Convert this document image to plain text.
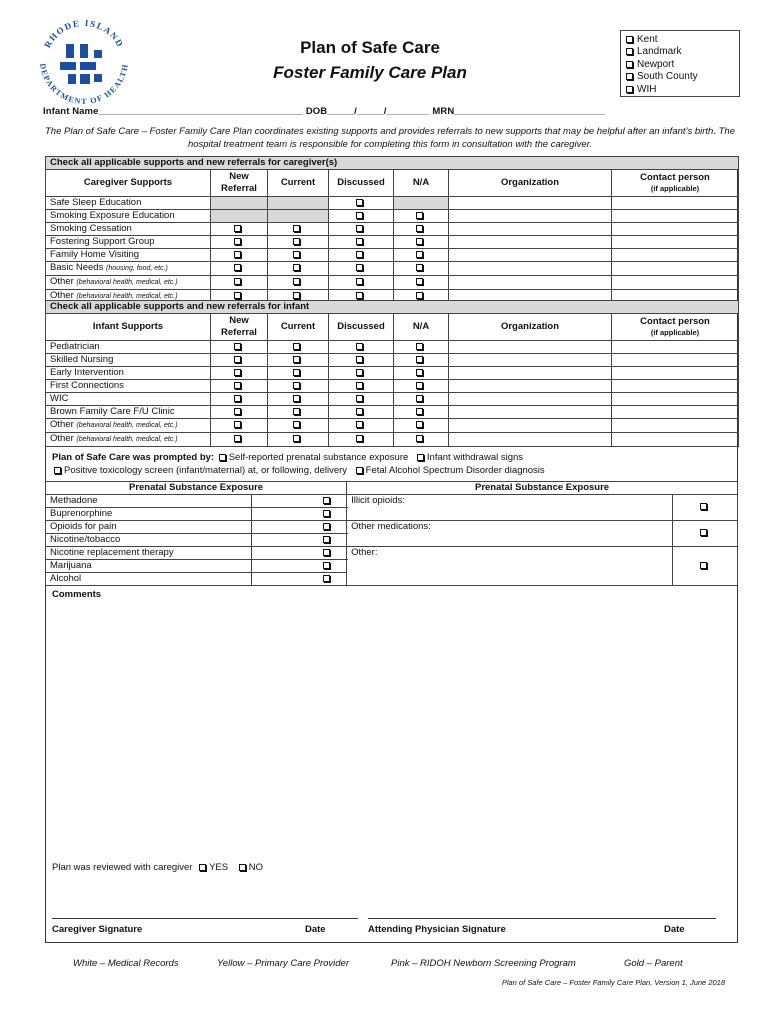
RHODE ISLAND
DEPARTMENT OF HEALTH
Plan of Safe Care
Foster Family Care Plan
Kent
Landmark
Newport
South County
WIH
Infant Name______________________________________ DOB_____/_____/________ MRN____________________________
The Plan of Safe Care – Foster Family Care Plan coordinates existing supports and provides referrals to new supports that may be helpful after an infant’s birth. The hospital treatment team is responsible for completing this form in consultation with the caregiver.
Check all applicable supports and new referrals for caregiver(s)						
Caregiver Supports	New Referral	Current	Discussed	N/A	Organization	Contact person
(if applicable)

Safe Sleep Education						
Smoking Exposure Education						
Smoking Cessation						
Fostering Support Group						
Family Home Visiting						
Basic Needs (housing, food, etc.)						
Other (behavioral health, medical, etc.)						
Other (behavioral health, medical, etc.)						
Check all applicable supports and new referrals for infant						
Infant Supports	New Referral	Current	Discussed	N/A	Organization	Contact person
(if applicable)

Pediatrician						
Skilled Nursing						
Early Intervention						
First Connections						
WIC						
Brown Family Care F/U Clinic						
Other (behavioral health, medical, etc.)						
Other (behavioral health, medical, etc.)						
Plan of Safe Care was prompted by: Self-reported prenatal substance exposure Infant withdrawal signs
Positive toxicology screen (infant/maternal) at, or following, delivery Fetal Alcohol Spectrum Disorder diagnosis
Prenatal Substance Exposure		Prenatal Substance Exposure	
Methadone		Illicit opioids:	
Buprenorphine			
Opioids for pain		Other medications:	
Nicotine/tobacco			
Nicotine replacement therapy		Other:	
Marijuana			
Alcohol			
Comments
Plan was reviewed with caregiver YES NO
Caregiver Signature	Date	Attending Physician Signature	Date
White – Medical Records	Yellow – Primary Care Provider	Pink – RIDOH Newborn Screening Program	Gold – Parent
Plan of Safe Care – Foster Family Care Plan, Version 1, June 2018
